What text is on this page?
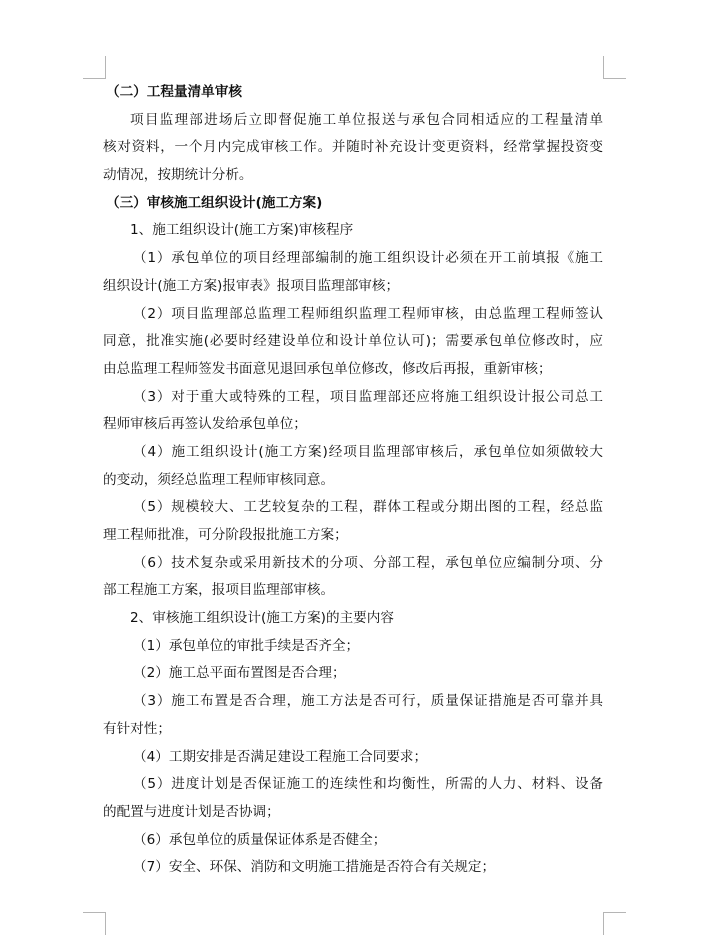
（二）工程量清单审核
项目监理部进场后立即督促施工单位报送与承包合同相适应的工程量清单
核对资料，一个月内完成审核工作。并随时补充设计变更资料，经常掌握投资变
动情况，按期统计分析。
（三）审核施工组织设计(施工方案)
1、施工组织设计(施工方案)审核程序
（1）承包单位的项目经理部编制的施工组织设计必须在开工前填报《施工
组织设计(施工方案)报审表》报项目监理部审核；
（2）项目监理部总监理工程师组织监理工程师审核，由总监理工程师签认
同意，批准实施(必要时经建设单位和设计单位认可)；需要承包单位修改时，应
由总监理工程师签发书面意见退回承包单位修改，修改后再报，重新审核；
（3）对于重大或特殊的工程，项目监理部还应将施工组织设计报公司总工
程师审核后再签认发给承包单位；
（4）施工组织设计(施工方案)经项目监理部审核后，承包单位如须做较大
的变动，须经总监理工程师审核同意。
（5）规模较大、工艺较复杂的工程，群体工程或分期出图的工程，经总监
理工程师批准，可分阶段报批施工方案；
（6）技术复杂或采用新技术的分项、分部工程，承包单位应编制分项、分
部工程施工方案，报项目监理部审核。
2、审核施工组织设计(施工方案)的主要内容
（1）承包单位的审批手续是否齐全；
（2）施工总平面布置图是否合理；
（3）施工布置是否合理，施工方法是否可行，质量保证措施是否可靠并具
有针对性；
（4）工期安排是否满足建设工程施工合同要求；
（5）进度计划是否保证施工的连续性和均衡性，所需的人力、材料、设备
的配置与进度计划是否协调；
（6）承包单位的质量保证体系是否健全；
（7）安全、环保、消防和文明施工措施是否符合有关规定；
